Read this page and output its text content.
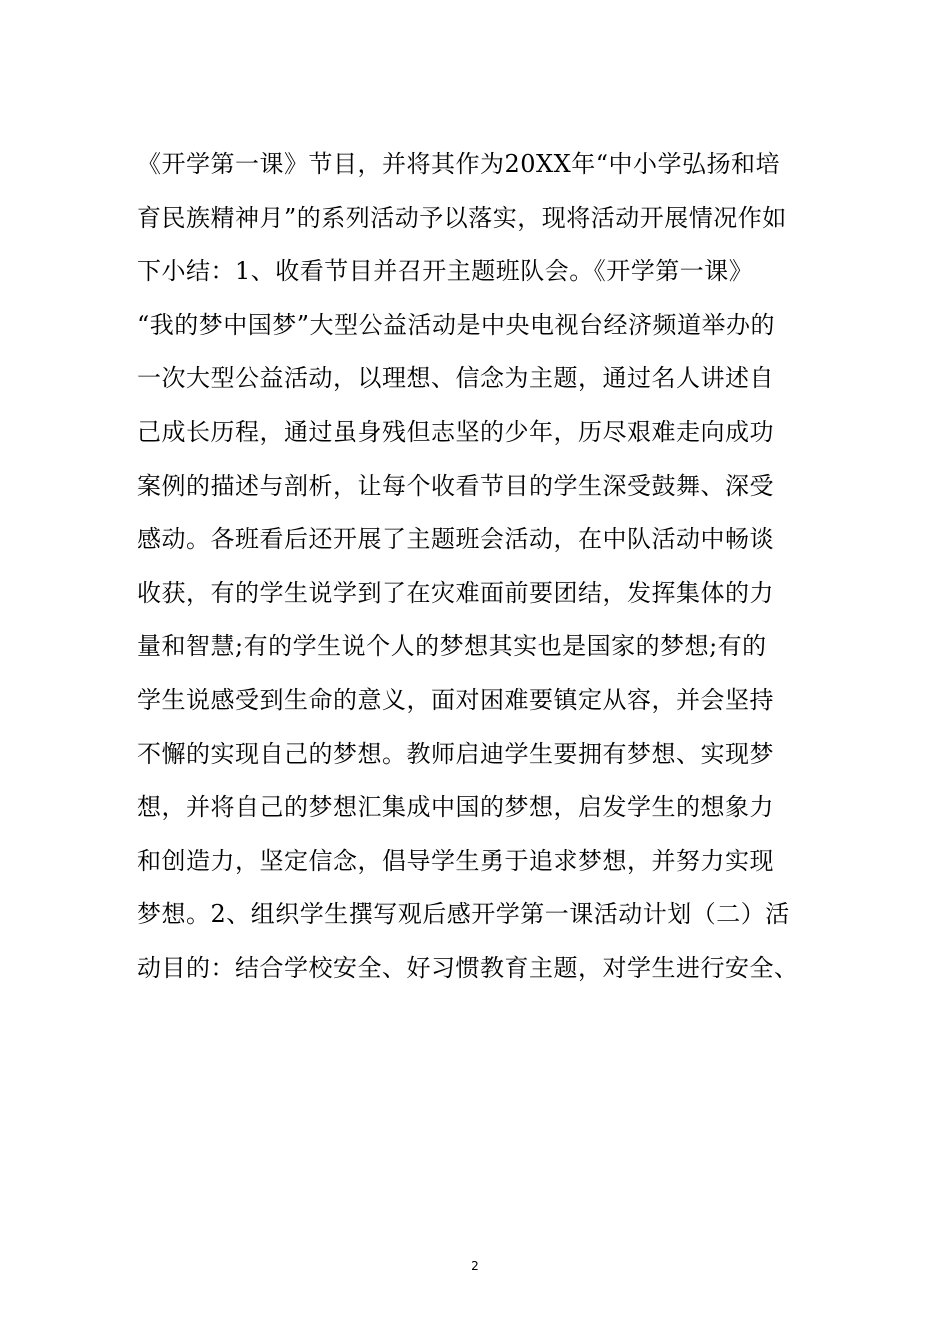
《开学第一课》节目，并将其作为20XX年“中小学弘扬和培
育民族精神月”的系列活动予以落实，现将活动开展情况作如
下小结：1、收看节目并召开主题班队会。《开学第一课》
“我的梦中国梦”大型公益活动是中央电视台经济频道举办的
一次大型公益活动，以理想、信念为主题，通过名人讲述自
己成长历程，通过虽身残但志坚的少年，历尽艰难走向成功
案例的描述与剖析，让每个收看节目的学生深受鼓舞、深受
感动。各班看后还开展了主题班会活动，在中队活动中畅谈
收获，有的学生说学到了在灾难面前要团结，发挥集体的力
量和智慧;有的学生说个人的梦想其实也是国家的梦想;有的
学生说感受到生命的意义，面对困难要镇定从容，并会坚持
不懈的实现自己的梦想。教师启迪学生要拥有梦想、实现梦
想，并将自己的梦想汇集成中国的梦想，启发学生的想象力
和创造力，坚定信念，倡导学生勇于追求梦想，并努力实现
梦想。2、组织学生撰写观后感开学第一课活动计划（二）活
动目的：结合学校安全、好习惯教育主题，对学生进行安全、
2
